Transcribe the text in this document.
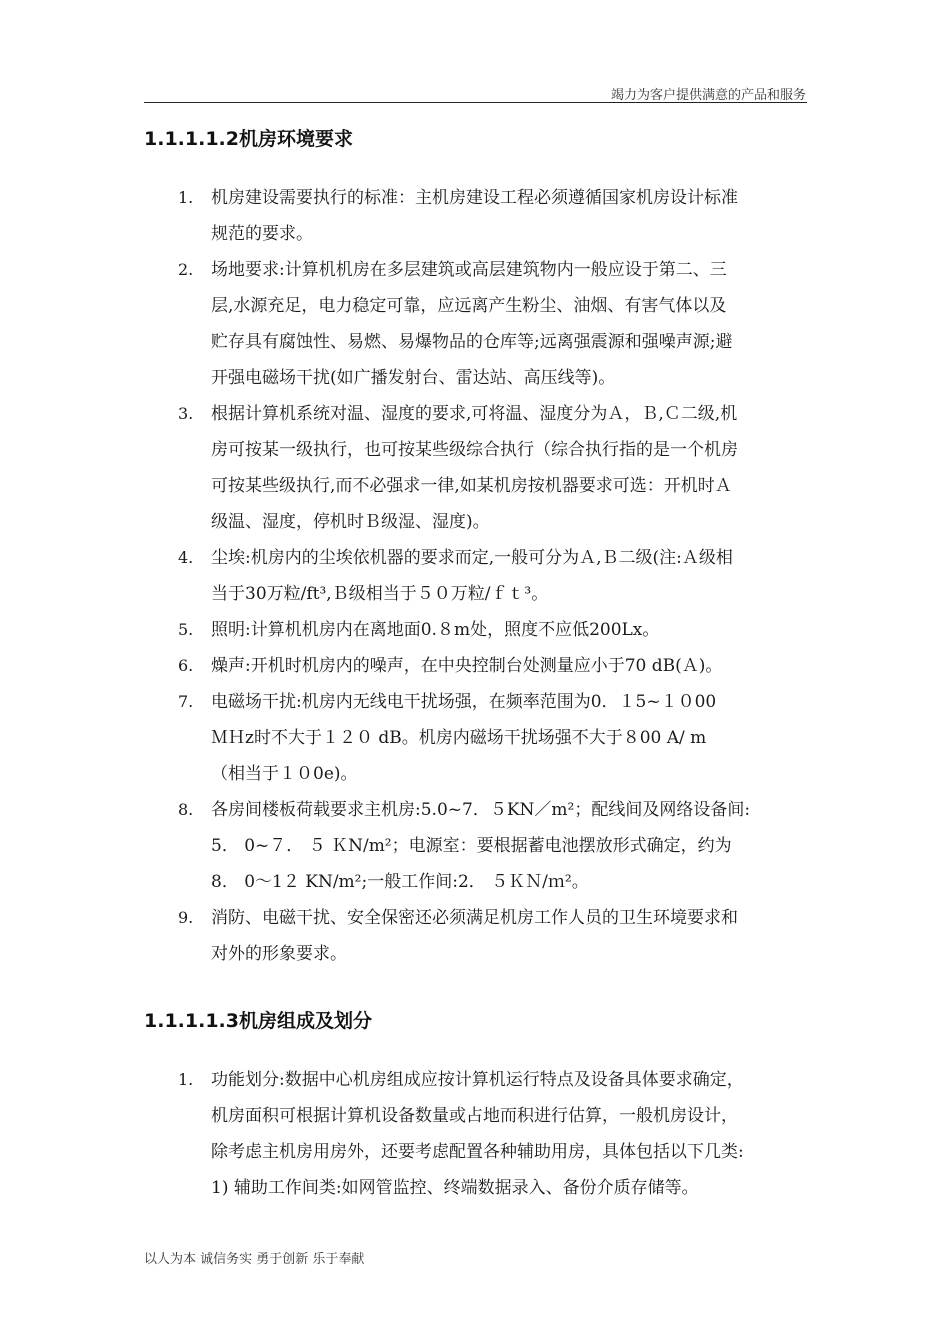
竭力为客户提供满意的产品和服务
1.1.1.1.2机房环境要求
1. 机房建设需要执行的标准：主机房建设工程必须遵循国家机房设计标准
规范的要求。
2. 场地要求:计算机机房在多层建筑或高层建筑物内一般应设于第二、三
层,水源充足，电力稳定可靠，应远离产生粉尘、油烟、有害气体以及
贮存具有腐蚀性、易燃、易爆物品的仓库等;远离强震源和强噪声源;避
开强电磁场干扰(如广播发射台、雷达站、高压线等)。
3. 根据计算机系统对温、湿度的要求,可将温、湿度分为Ａ，Ｂ,Ｃ二级,机
房可按某一级执行，也可按某些级综合执行（综合执行指的是一个机房
可按某些级执行,而不必强求一律,如某机房按机器要求可选：开机时Ａ
级温、湿度，停机时Ｂ级湿、湿度)。
4. 尘埃:机房内的尘埃依机器的要求而定,一般可分为Ａ,Ｂ二级(注:Ａ级相
当于30万粒/ft³,Ｂ级相当于５０万粒/ｆｔ³。
5. 照明:计算机机房内在离地面0.８m处，照度不应低200Lx。
6. 燥声:开机时机房内的噪声，在中央控制台处测量应小于70 dB(Ａ)。
7. 电磁场干扰:机房内无线电干扰场强，在频率范围为0．１5~１０00
ＭＨz时不大于１２０ dB。机房内磁场干扰场强不大于８00 A/ m
（相当于１０0e)。
8. 各房间楼板荷载要求主机房:5.0~7．５KN／m²；配线间及网络设备间:
5． 0~７． ５ ＫN/m²；电源室：要根据蓄电池摆放形式确定，约为
8． 0～1２ KN/m²;一般工作间:2． ５ＫＮ/ｍ²。
9. 消防、电磁干扰、安全保密还必须满足机房工作人员的卫生环境要求和
对外的形象要求。
1.1.1.1.3机房组成及划分
1. 功能划分:数据中心机房组成应按计算机运行特点及设备具体要求确定，
机房面积可根据计算机设备数量或占地而积进行估算，一般机房设计，
除考虑主机房用房外，还要考虑配置各种辅助用房，具体包括以下几类:
1) 辅助工作间类:如网管监控、终端数据录入、备份介质存储等。
以人为本 诚信务实 勇于创新 乐于奉献
